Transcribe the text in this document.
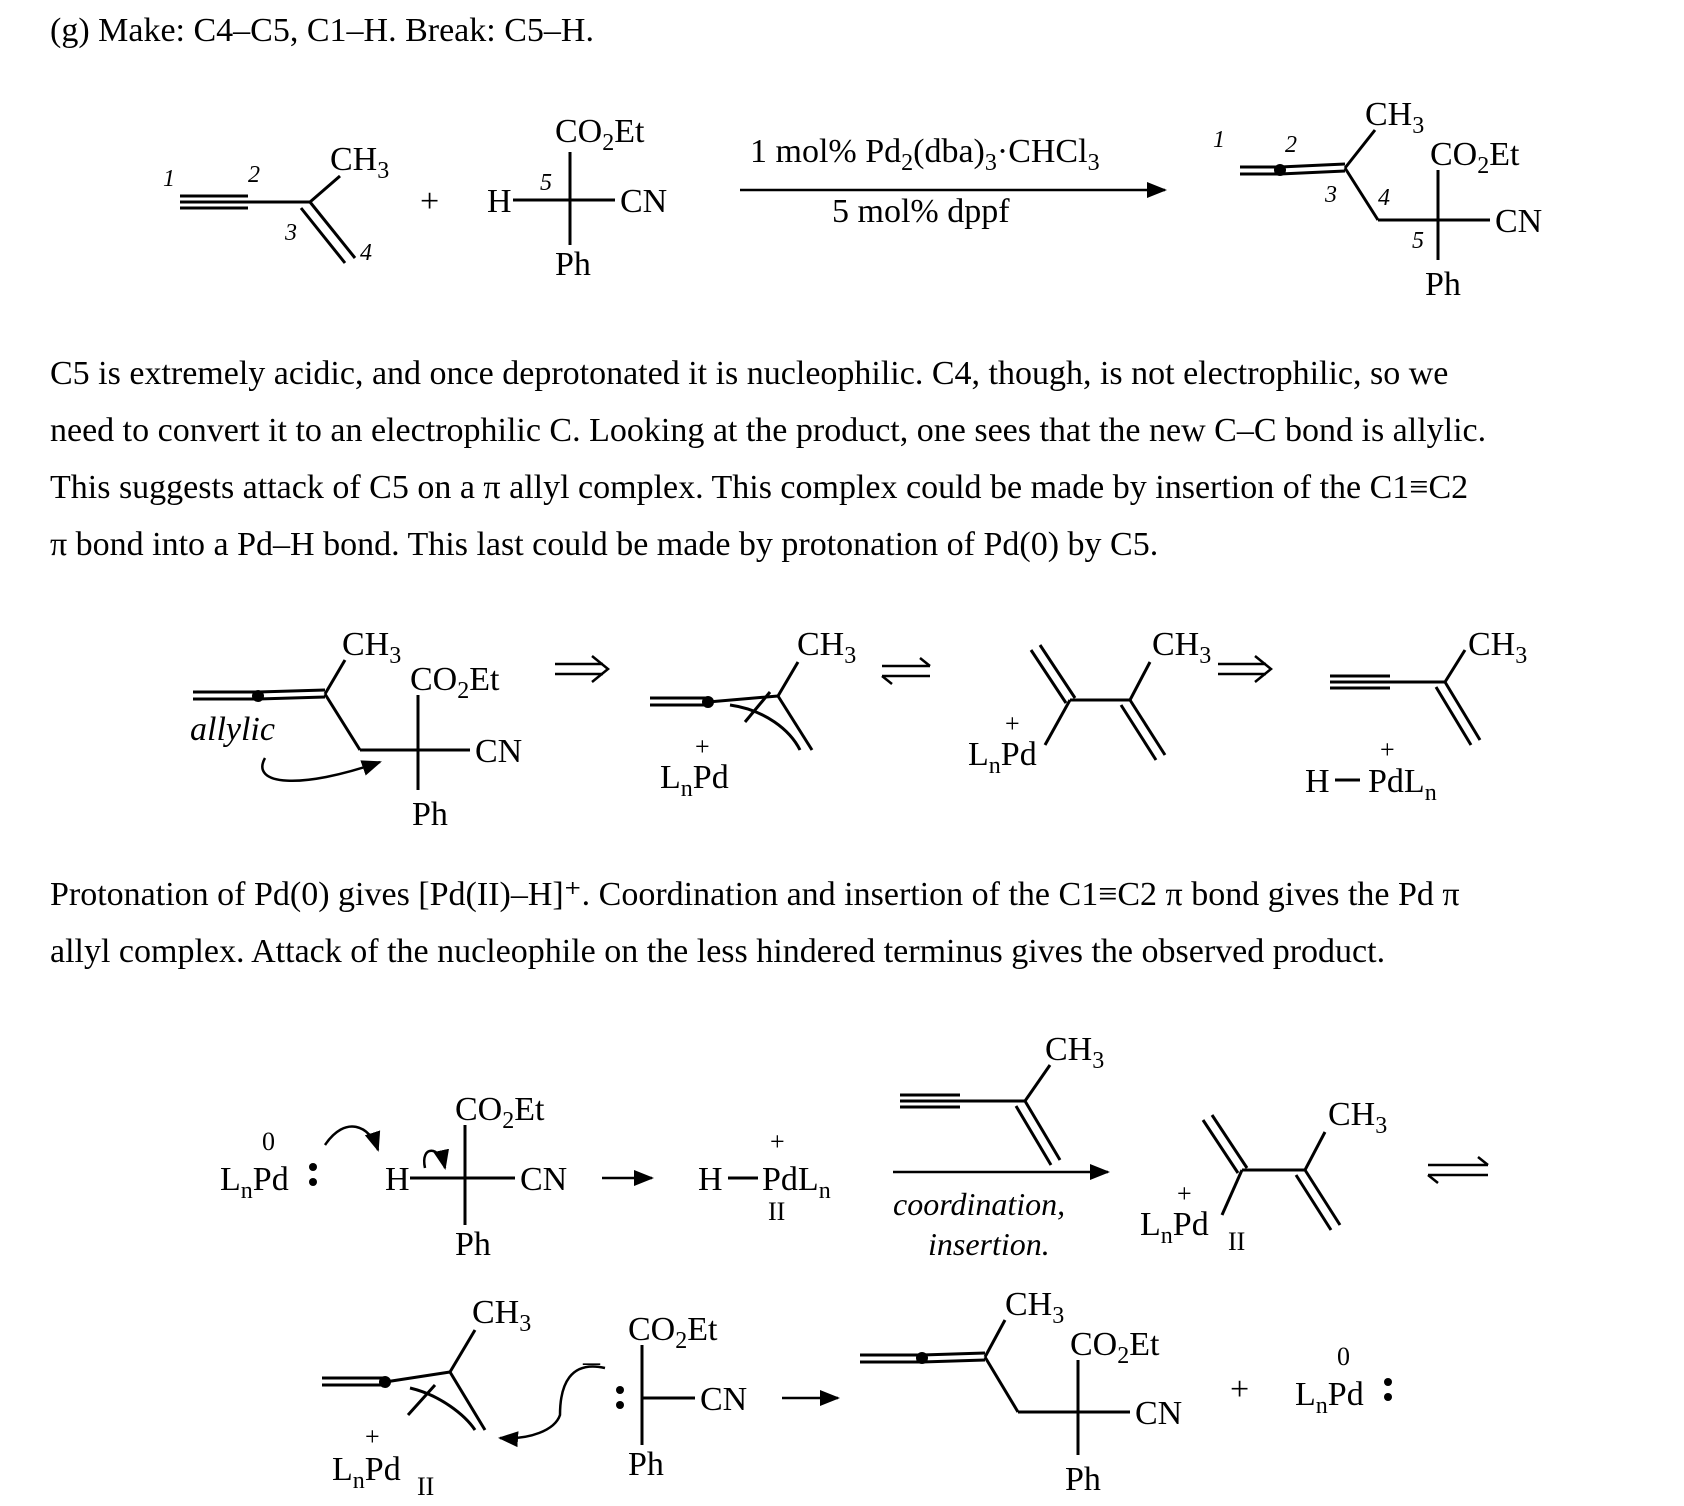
(g) Make: C4–C5, C1–H. Break: C5–H.
C5 is extremely acidic, and once deprotonated it is nucleophilic. C4, though, is not electrophilic, so we
need to convert it to an electrophilic C. Looking at the product, one sees that the new C–C bond is allylic.
This suggests attack of C5 on a π allyl complex. This complex could be made by insertion of the C1≡C2
π bond into a Pd–H bond. This last could be made by protonation of Pd(0) by C5.
Protonation of Pd(0) gives [Pd(II)–H]⁺. Coordination and insertion of the C1≡C2 π bond gives the Pd π
allyl complex. Attack of the nucleophile on the less hindered terminus gives the observed product.
1	2
3
4
$CH_3$
+ H 5
$CO_2Et$
CN
Ph
1 mol% $Pd_2(dba)_3\cdot CHCl_3$
5 mol% dppf
1	2
3 4
5
$CH_3$
$CO_2Et$
CN
Ph
$CH_3$
$CO_2Et$
CN
Ph
allylic
$CH_3$
+
$L_nPd$
$CH_3$
+
$L_nPd$
$CH_3$
+
H PdL$_n$
0
$L_nPd$	H
$CO_2Et$
CN
Ph
+
H PdL$_n$
II
$CH_3$
coordination,
insertion.
$CH_3$
+
$L_nPd$ II
$CH_3$
+
$L_nPd$ II
–
$CO_2Et$
CN
Ph
$CH_3$
$CO_2Et$
CN
Ph
+
0
$L_nPd$
